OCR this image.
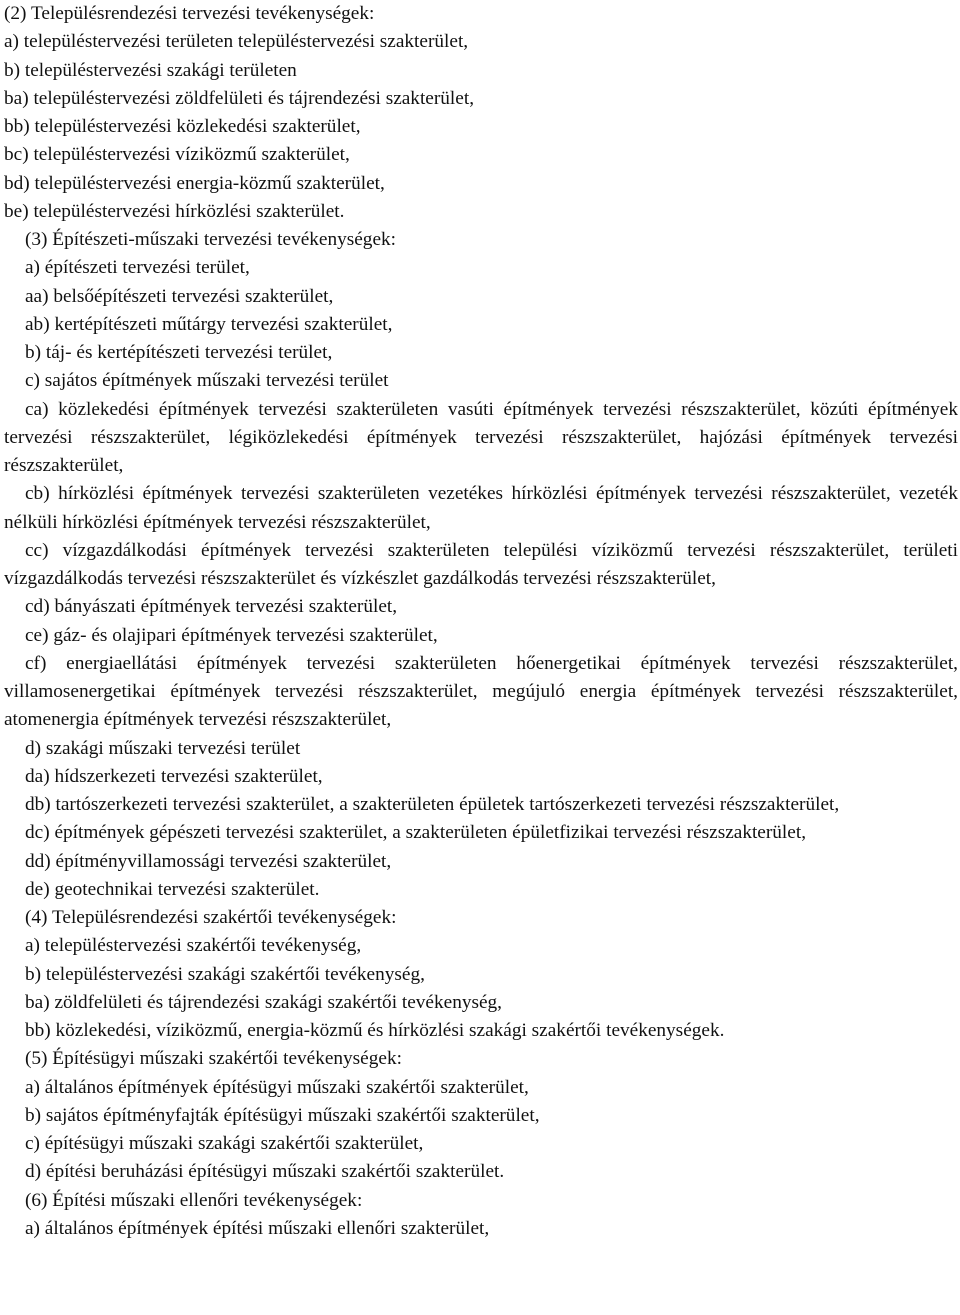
(2) Településrendezési tervezési tevékenységek:

a) településtervezési területen településtervezési szakterület,

b) településtervezési szakági területen

ba) településtervezési zöldfelületi és tájrendezési szakterület,

bb) településtervezési közlekedési szakterület,

bc) településtervezési víziközmű szakterület,

bd) településtervezési energia-közmű szakterület,

be) településtervezési hírközlési szakterület.

(3) Építészeti-műszaki tervezési tevékenységek:

a) építészeti tervezési terület,

aa) belsőépítészeti tervezési szakterület,

ab) kertépítészeti műtárgy tervezési szakterület,

b) táj- és kertépítészeti tervezési terület,

c) sajátos építmények műszaki tervezési terület

ca) közlekedési építmények tervezési szakterületen vasúti építmények tervezési részszakterület, közúti építmények tervezési részszakterület, légiközlekedési építmények tervezési részszakterület, hajózási építmények tervezési részszakterület,

cb) hírközlési építmények tervezési szakterületen vezetékes hírközlési építmények tervezési részszakterület, vezeték nélküli hírközlési építmények tervezési részszakterület,

cc) vízgazdálkodási építmények tervezési szakterületen települési víziközmű tervezési részszakterület, területi vízgazdálkodás tervezési részszakterület és vízkészlet gazdálkodás tervezési részszakterület,

cd) bányászati építmények tervezési szakterület,

ce) gáz- és olajipari építmények tervezési szakterület,

cf) energiaellátási építmények tervezési szakterületen hőenergetikai építmények tervezési részszakterület, villamosenergetikai építmények tervezési részszakterület, megújuló energia építmények tervezési részszakterület, atomenergia építmények tervezési részszakterület,

d) szakági műszaki tervezési terület

da) hídszerkezeti tervezési szakterület,

db) tartószerkezeti tervezési szakterület, a szakterületen épületek tartószerkezeti tervezési részszakterület,

dc) építmények gépészeti tervezési szakterület, a szakterületen épületfizikai tervezési részszakterület,

dd) építményvillamossági tervezési szakterület,

de) geotechnikai tervezési szakterület.

(4) Településrendezési szakértői tevékenységek:

a) településtervezési szakértői tevékenység,

b) településtervezési szakági szakértői tevékenység,

ba) zöldfelületi és tájrendezési szakági szakértői tevékenység,

bb) közlekedési, víziközmű, energia-közmű és hírközlési szakági szakértői tevékenységek.

(5) Építésügyi műszaki szakértői tevékenységek:

a) általános építmények építésügyi műszaki szakértői szakterület,

b) sajátos építményfajták építésügyi műszaki szakértői szakterület,

c) építésügyi műszaki szakági szakértői szakterület,

d) építési beruházási építésügyi műszaki szakértői szakterület.

(6) Építési műszaki ellenőri tevékenységek:

a) általános építmények építési műszaki ellenőri szakterület,
